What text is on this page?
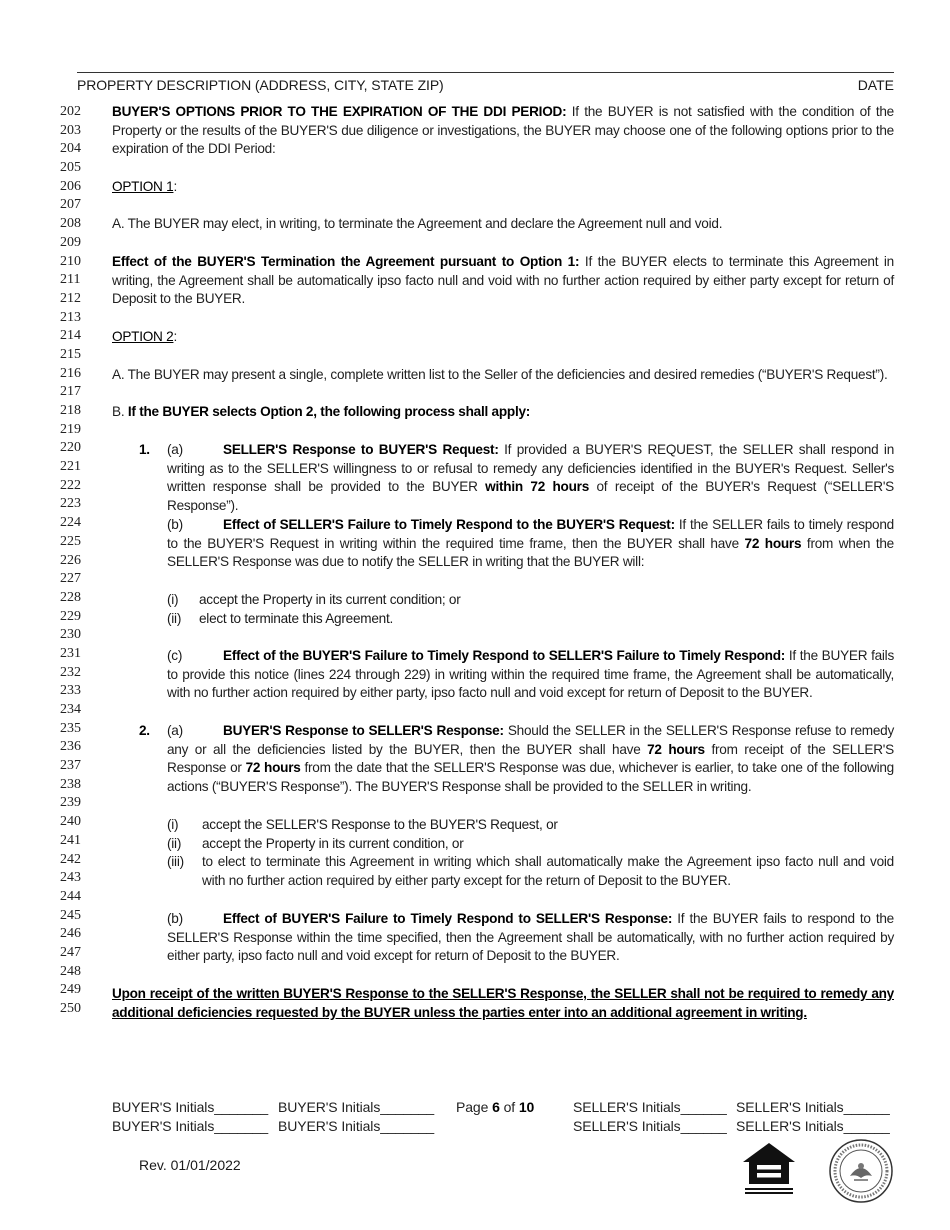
PROPERTY DESCRIPTION (ADDRESS, CITY, STATE ZIP)	DATE
202
203
204
205
206
207
208
209
210
211
212
213
214
215
216
217
218
219
220
221
222
223
224
225
226
227
228
229
230
231
232
233
234
235
236
237
238
239
240
241
242
243
244
245
246
247
248
249
250
BUYER'S OPTIONS PRIOR TO THE EXPIRATION OF THE DDI PERIOD: If the BUYER is not satisfied with the condition of the Property or the results of the BUYER'S due diligence or investigations, the BUYER may choose one of the following options prior to the expiration of the DDI Period:
OPTION 1:
A. The BUYER may elect, in writing, to terminate the Agreement and declare the Agreement null and void.
Effect of the BUYER'S Termination the Agreement pursuant to Option 1: If the BUYER elects to terminate this Agreement in writing, the Agreement shall be automatically ipso facto null and void with no further action required by either party except for return of Deposit to the BUYER.
OPTION 2:
A. The BUYER may present a single, complete written list to the Seller of the deficiencies and desired remedies (“BUYER'S Request”).
B. If the BUYER selects Option 2, the following process shall apply:
1. (a)	SELLER'S Response to BUYER'S Request: If provided a BUYER'S REQUEST, the SELLER shall respond in writing as to the SELLER'S willingness to or refusal to remedy any deficiencies identified in the BUYER's Request. Seller's written response shall be provided to the BUYER within 72 hours of receipt of the BUYER's Request (“SELLER'S Response”).
(b)	Effect of SELLER'S Failure to Timely Respond to the BUYER'S Request: If the SELLER fails to timely respond to the BUYER'S Request in writing within the required time frame, then the BUYER shall have 72 hours from when the SELLER'S Response was due to notify the SELLER in writing that the BUYER will:
(i) accept the Property in its current condition; or
(ii) elect to terminate this Agreement.
(c)	Effect of the BUYER'S Failure to Timely Respond to SELLER'S Failure to Timely Respond: If the BUYER fails to provide this notice (lines 224 through 229) in writing within the required time frame, the Agreement shall be automatically, with no further action required by either party, ipso facto null and void except for return of Deposit to the BUYER.
2. (a)	BUYER'S Response to SELLER'S Response: Should the SELLER in the SELLER'S Response refuse to remedy any or all the deficiencies listed by the BUYER, then the BUYER shall have 72 hours from receipt of the SELLER'S Response or 72 hours from the date that the SELLER'S Response was due, whichever is earlier, to take one of the following actions (“BUYER'S Response”). The BUYER'S Response shall be provided to the SELLER in writing.
(i) accept the SELLER'S Response to the BUYER'S Request, or
(ii) accept the Property in its current condition, or
(iii) to elect to terminate this Agreement in writing which shall automatically make the Agreement ipso facto null and void with no further action required by either party except for the return of Deposit to the BUYER.
(b)	Effect of BUYER'S Failure to Timely Respond to SELLER'S Response: If the BUYER fails to respond to the SELLER'S Response within the time specified, then the Agreement shall be automatically, with no further action required by either party, ipso facto null and void except for return of Deposit to the BUYER.
Upon receipt of the written BUYER'S Response to the SELLER'S Response, the SELLER shall not be required to remedy any additional deficiencies requested by the BUYER unless the parties enter into an additional agreement in writing.
BUYER'S Initials_______ BUYER'S Initials_______
BUYER'S Initials_______ BUYER'S Initials_______
Page 6 of 10	SELLER'S Initials______ SELLER'S Initials______
SELLER'S Initials______ SELLER'S Initials______
Rev. 01/01/2022
